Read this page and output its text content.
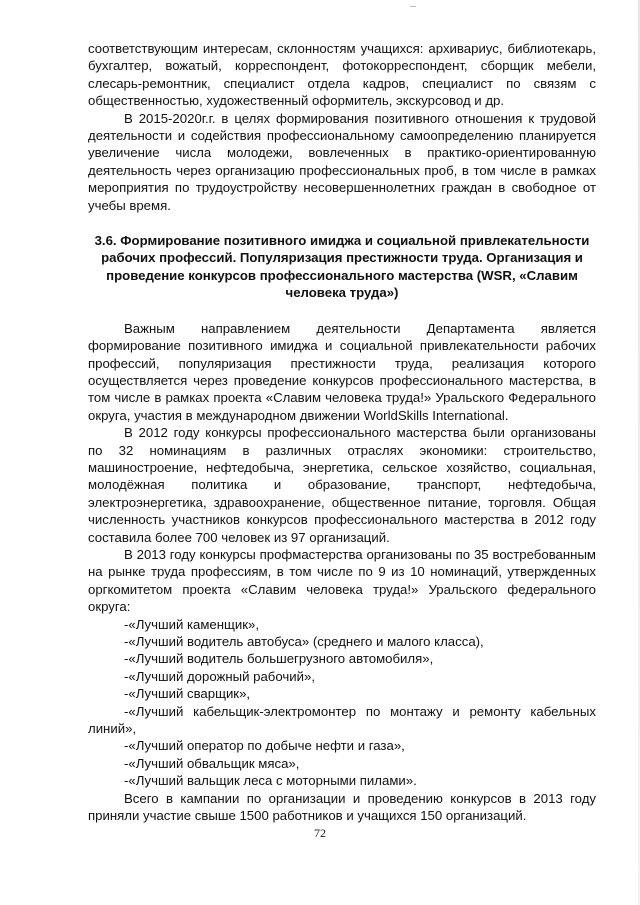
соответствующим интересам, склонностям учащихся: архивариус, библиотекарь, бухгалтер, вожатый, корреспондент, фотокорреспондент, сборщик мебели, слесарь-ремонтник, специалист отдела кадров, специалист по связям с общественностью, художественный оформитель, экскурсовод и др.

В 2015-2020г.г. в целях формирования позитивного отношения к трудовой деятельности и содействия профессиональному самоопределению планируется увеличение числа молодежи, вовлеченных в практико-ориентированную деятельность через организацию профессиональных проб, в том числе в рамках мероприятия по трудоустройству несовершеннолетних граждан в свободное от учебы время.

3.6. Формирование позитивного имиджа и социальной привлекательности рабочих профессий. Популяризация престижности труда. Организация и проведение конкурсов профессионального мастерства (WSR, «Славим человека труда»)

Важным направлением деятельности Департамента является формирование позитивного имиджа и социальной привлекательности рабочих профессий, популяризация престижности труда, реализация которого осуществляется через проведение конкурсов профессионального мастерства, в том числе в рамках проекта «Славим человека труда!» Уральского Федерального округа, участия в международном движении WorldSkills International.

В 2012 году конкурсы профессионального мастерства были организованы по 32 номинациям в различных отраслях экономики: строительство, машиностроение, нефтедобыча, энергетика, сельское хозяйство, социальная, молодёжная политика и образование, транспорт, нефтедобыча, электроэнергетика, здравоохранение, общественное питание, торговля. Общая численность участников конкурсов профессионального мастерства в 2012 году составила более 700 человек из 97 организаций.

В 2013 году конкурсы профмастерства организованы по 35 востребованным на рынке труда профессиям, в том числе по 9 из 10 номинаций, утвержденных оргкомитетом проекта «Славим человека труда!» Уральского федерального округа:

-«Лучший каменщик»,

-«Лучший водитель автобуса» (среднего и малого класса),

-«Лучший водитель большегрузного автомобиля»,

-«Лучший дорожный рабочий»,

-«Лучший сварщик»,

-«Лучший кабельщик-электромонтер по монтажу и ремонту кабельных линий»,

-«Лучший оператор по добыче нефти и газа»,

-«Лучший обвальщик мяса»,

-«Лучший вальщик леса с моторными пилами».

Всего в кампании по организации и проведению конкурсов в 2013 году приняли участие свыше 1500 работников и учащихся 150 организаций.

72
